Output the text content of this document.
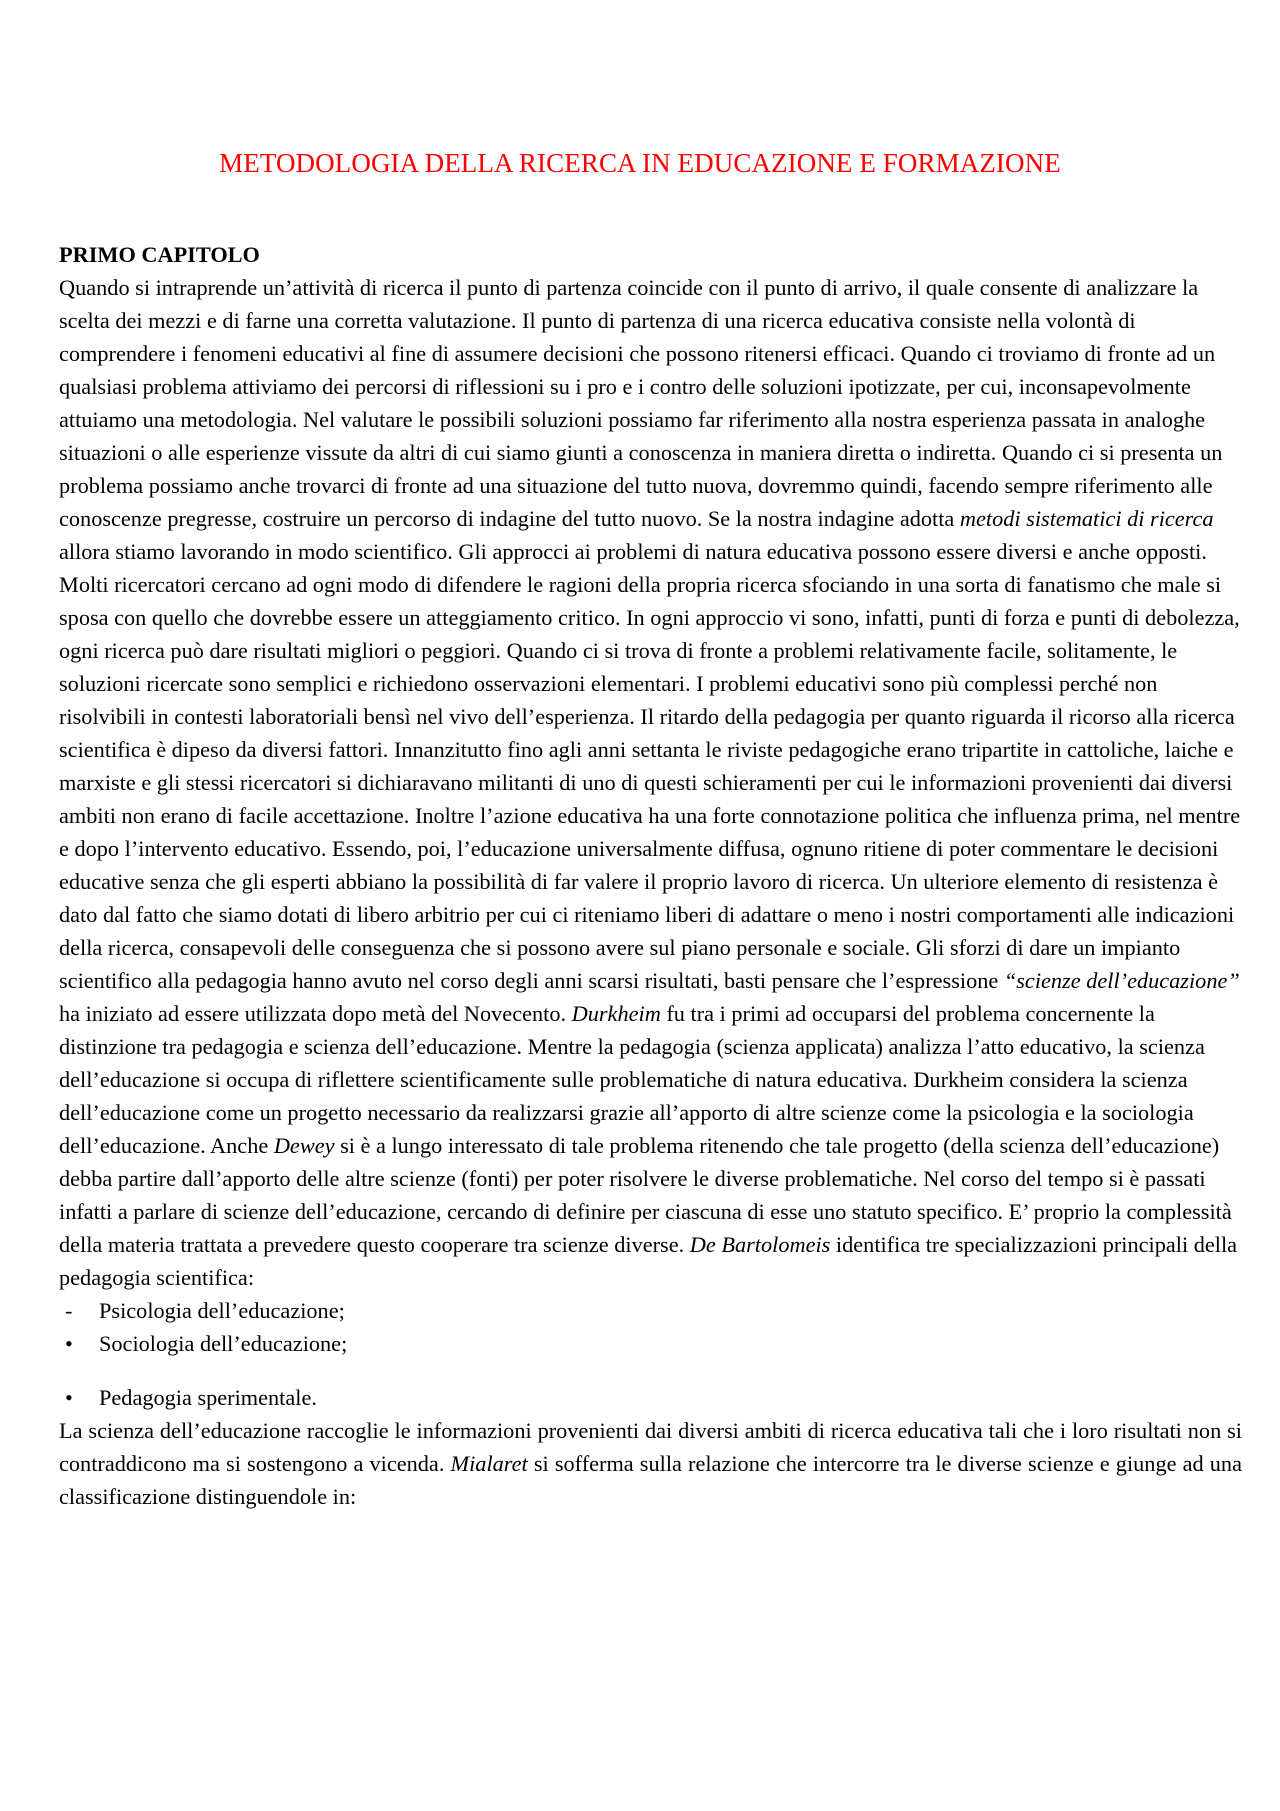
METODOLOGIA DELLA RICERCA IN EDUCAZIONE E FORMAZIONE

PRIMO CAPITOLO

Quando si intraprende un’attività di ricerca il punto di partenza coincide con il punto di arrivo, il quale consente di analizzare la scelta dei mezzi e di farne una corretta valutazione. Il punto di partenza di una ricerca educativa consiste nella volontà di comprendere i fenomeni educativi al fine di assumere decisioni che possono ritenersi efficaci. Quando ci troviamo di fronte ad un qualsiasi problema attiviamo dei percorsi di riflessioni su i pro e i contro delle soluzioni ipotizzate, per cui, inconsapevolmente attuiamo una metodologia. Nel valutare le possibili soluzioni possiamo far riferimento alla nostra esperienza passata in analoghe situazioni o alle esperienze vissute da altri di cui siamo giunti a conoscenza in maniera diretta o indiretta. Quando ci si presenta un problema possiamo anche trovarci di fronte ad una situazione del tutto nuova, dovremmo quindi, facendo sempre riferimento alle conoscenze pregresse, costruire un percorso di indagine del tutto nuovo. Se la nostra indagine adotta metodi sistematici di ricerca allora stiamo lavorando in modo scientifico. Gli approcci ai problemi di natura educativa possono essere diversi e anche opposti. Molti ricercatori cercano ad ogni modo di difendere le ragioni della propria ricerca sfociando in una sorta di fanatismo che male si sposa con quello che dovrebbe essere un atteggiamento critico. In ogni approccio vi sono, infatti, punti di forza e punti di debolezza, ogni ricerca può dare risultati migliori o peggiori. Quando ci si trova di fronte a problemi relativamente facile, solitamente, le soluzioni ricercate sono semplici e richiedono osservazioni elementari. I problemi educativi sono più complessi perché non risolvibili in contesti laboratoriali bensì nel vivo dell’esperienza. Il ritardo della pedagogia per quanto riguarda il ricorso alla ricerca scientifica è dipeso da diversi fattori. Innanzitutto fino agli anni settanta le riviste pedagogiche erano tripartite in cattoliche, laiche e marxiste e gli stessi ricercatori si dichiaravano militanti di uno di questi schieramenti per cui le informazioni provenienti dai diversi ambiti non erano di facile accettazione. Inoltre l’azione educativa ha una forte connotazione politica che influenza prima, nel mentre e dopo l’intervento educativo. Essendo, poi, l’educazione universalmente diffusa, ognuno ritiene di poter commentare le decisioni educative senza che gli esperti abbiano la possibilità di far valere il proprio lavoro di ricerca. Un ulteriore elemento di resistenza è dato dal fatto che siamo dotati di libero arbitrio per cui ci riteniamo liberi di adattare o meno i nostri comportamenti alle indicazioni della ricerca, consapevoli delle conseguenza che si possono avere sul piano personale e sociale. Gli sforzi di dare un impianto scientifico alla pedagogia hanno avuto nel corso degli anni scarsi risultati, basti pensare che l’espressione “scienze dell’educazione” ha iniziato ad essere utilizzata dopo metà del Novecento. Durkheim fu tra i primi ad occuparsi del problema concernente la distinzione tra pedagogia e scienza dell’educazione. Mentre la pedagogia (scienza applicata) analizza l’atto educativo, la scienza dell’educazione si occupa di riflettere scientificamente sulle problematiche di natura educativa. Durkheim considera la scienza dell’educazione come un progetto necessario da realizzarsi grazie all’apporto di altre scienze come la psicologia e la sociologia dell’educazione. Anche Dewey si è a lungo interessato di tale problema ritenendo che tale progetto (della scienza dell’educazione) debba partire dall’apporto delle altre scienze (fonti) per poter risolvere le diverse problematiche. Nel corso del tempo si è passati infatti a parlare di scienze dell’educazione, cercando di definire per ciascuna di esse uno statuto specifico. E’ proprio la complessità della materia trattata a prevedere questo cooperare tra scienze diverse. De Bartolomeis identifica tre specializzazioni principali della pedagogia scientifica:

- Psicologia dell’educazione;
• Sociologia dell’educazione;
• Pedagogia sperimentale.

La scienza dell’educazione raccoglie le informazioni provenienti dai diversi ambiti di ricerca educativa tali che i loro risultati non si contraddicono ma si sostengono a vicenda. Mialaret si sofferma sulla relazione che intercorre tra le diverse scienze e giunge ad una classificazione distinguendole in:
